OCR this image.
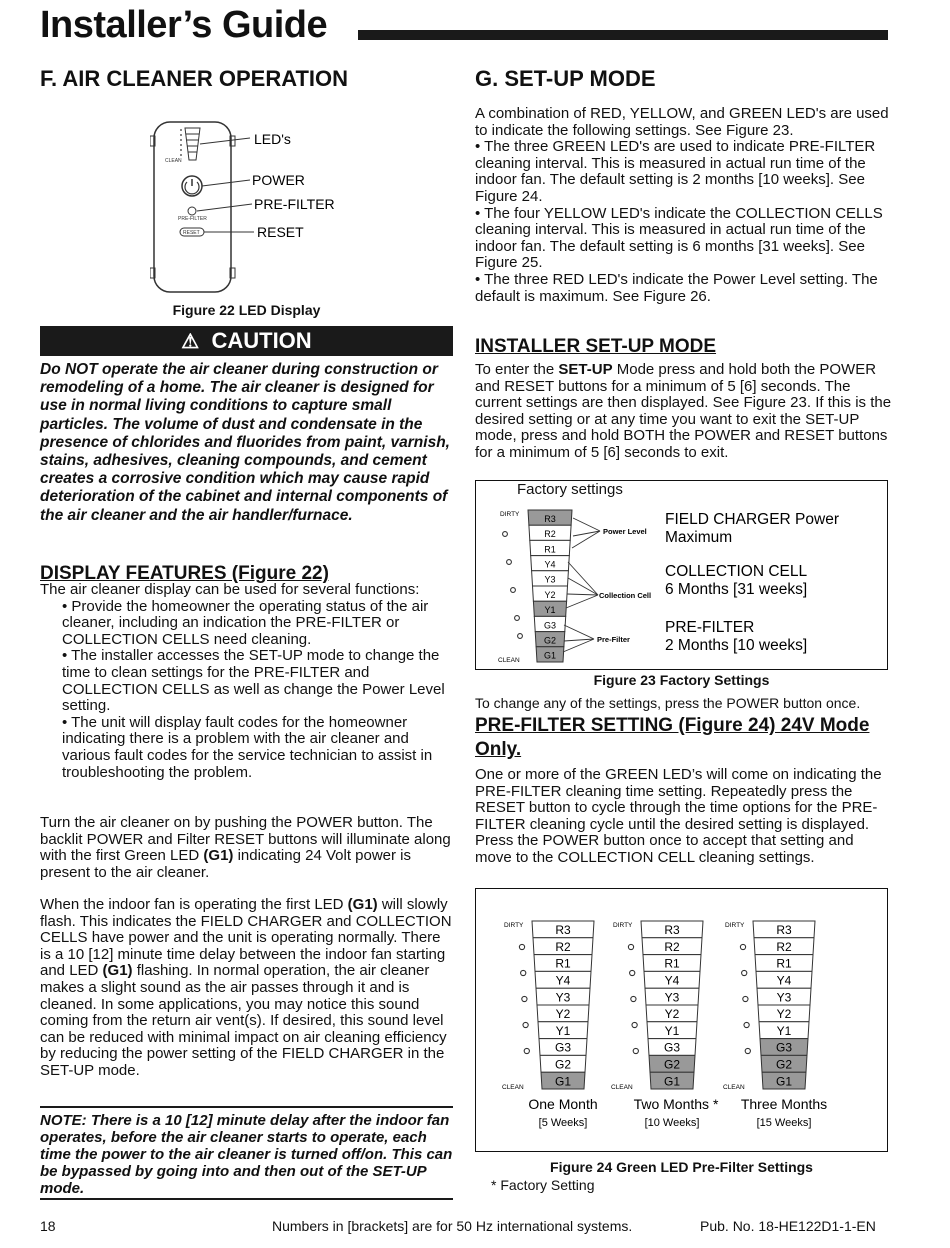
Installer’s Guide
F. AIR CLEANER OPERATION
CLEAN
LED's
POWER
PRE-FILTER
PRE-FILTER
RESET	RESET
Figure 22 LED Display
⚠ CAUTION

Do NOT operate the air cleaner during construction or remodeling of a home. The air cleaner is designed for use in normal living conditions to capture small particles. The volume of dust and condensate in the presence of chlorides and fluorides from paint, varnish, stains, adhesives, cleaning compounds, and cement creates a corrosive condition which may cause rapid deterioration of the cabinet and internal components of the air cleaner and the air handler/furnace.

DISPLAY FEATURES (Figure 22)

The air cleaner display can be used for several functions:

• Provide the homeowner the operating status of the air cleaner, including an indication the PRE-FILTER or COLLECTION CELLS need cleaning.

• The installer accesses the SET-UP mode to change the time to clean settings for the PRE-FILTER and COLLECTION CELLS as well as change the Power Level setting.

• The unit will display fault codes for the homeowner indicating there is a problem with the air cleaner and various fault codes for the service technician to assist in troubleshooting the problem.

Turn the air cleaner on by pushing the POWER button. The backlit POWER and Filter RESET buttons will illuminate along with the first Green LED (G1) indicating 24 Volt power is present to the air cleaner.

When the indoor fan is operating the first LED (G1) will slowly flash. This indicates the FIELD CHARGER and COLLECTION CELLS have power and the unit is operating normally. There is a 10 [12] minute time delay between the indoor fan starting and LED (G1) flashing. In normal operation, the air cleaner makes a slight sound as the air passes through it and is cleaned. In some applications, you may notice this sound coming from the return air vent(s). If desired, this sound level can be reduced with minimal impact on air cleaning efficiency by reducing the power setting of the FIELD CHARGER in the SET-UP mode.

NOTE: There is a 10 [12] minute delay after the indoor fan operates, before the air cleaner starts to operate, each time the power to the air cleaner is turned off/on. This can be bypassed by going into and then out of the SET-UP mode.

G. SET-UP MODE

A combination of RED, YELLOW, and GREEN LED's are used to indicate the following settings. See Figure 23.

• The three GREEN LED's are used to indicate PRE-FILTER cleaning interval. This is measured in actual run time of the indoor fan. The default setting is 2 months [10 weeks]. See Figure 24.

• The four YELLOW LED's indicate the COLLECTION CELLS cleaning interval. This is measured in actual run time of the indoor fan. The default setting is 6 months [31 weeks]. See Figure 25.

• The three RED LED's indicate the Power Level setting. The default is maximum. See Figure 26.

INSTALLER SET-UP MODE

To enter the SET-UP Mode press and hold both the POWER and RESET buttons for a minimum of 5 [6] seconds. The current settings are then displayed. See Figure 23. If this is the desired setting or at any time you want to exit the SET-UP mode, press and hold BOTH the POWER and RESET buttons for a minimum of 5 [6] seconds to exit.

Factory settings
R3
R2
R1
Y4
Y3
Y2
Y1
G3
G2
G1
DIRTY
CLEAN
Power Level
Collection Cell
Pre-Filter
FIELD CHARGER Power
Maximum
COLLECTION CELL
6 Months [31 weeks]
PRE-FILTER
2 Months [10 weeks]
Figure 23 Factory Settings
To change any of the settings, press the POWER button once.
PRE-FILTER SETTING (Figure 24) 24V Mode Only.

One or more of the GREEN LED’s will come on indicating the PRE-FILTER cleaning time setting. Repeatedly press the RESET button to cycle through the time options for the PRE-FILTER cleaning cycle until the desired setting is displayed. Press the POWER button once to accept that setting and move to the COLLECTION CELL cleaning settings.

R3
R2
R1
Y4
Y3
Y2
Y1
G3
G2
G1
DIRTY
CLEAN
One Month
[5 Weeks]
R3
R2
R1
Y4
Y3
Y2
Y1
G3
G2
G1
DIRTY
CLEAN
Two Months *
[10 Weeks]
R3
R2
R1
Y4
Y3
Y2
Y1
G3
G2
G1
DIRTY
CLEAN
Three Months
[15 Weeks]
Figure 24 Green LED Pre-Filter Settings
* Factory Setting
18	Numbers in [brackets] are for 50 Hz international systems.	Pub. No. 18-HE122D1-1-EN
